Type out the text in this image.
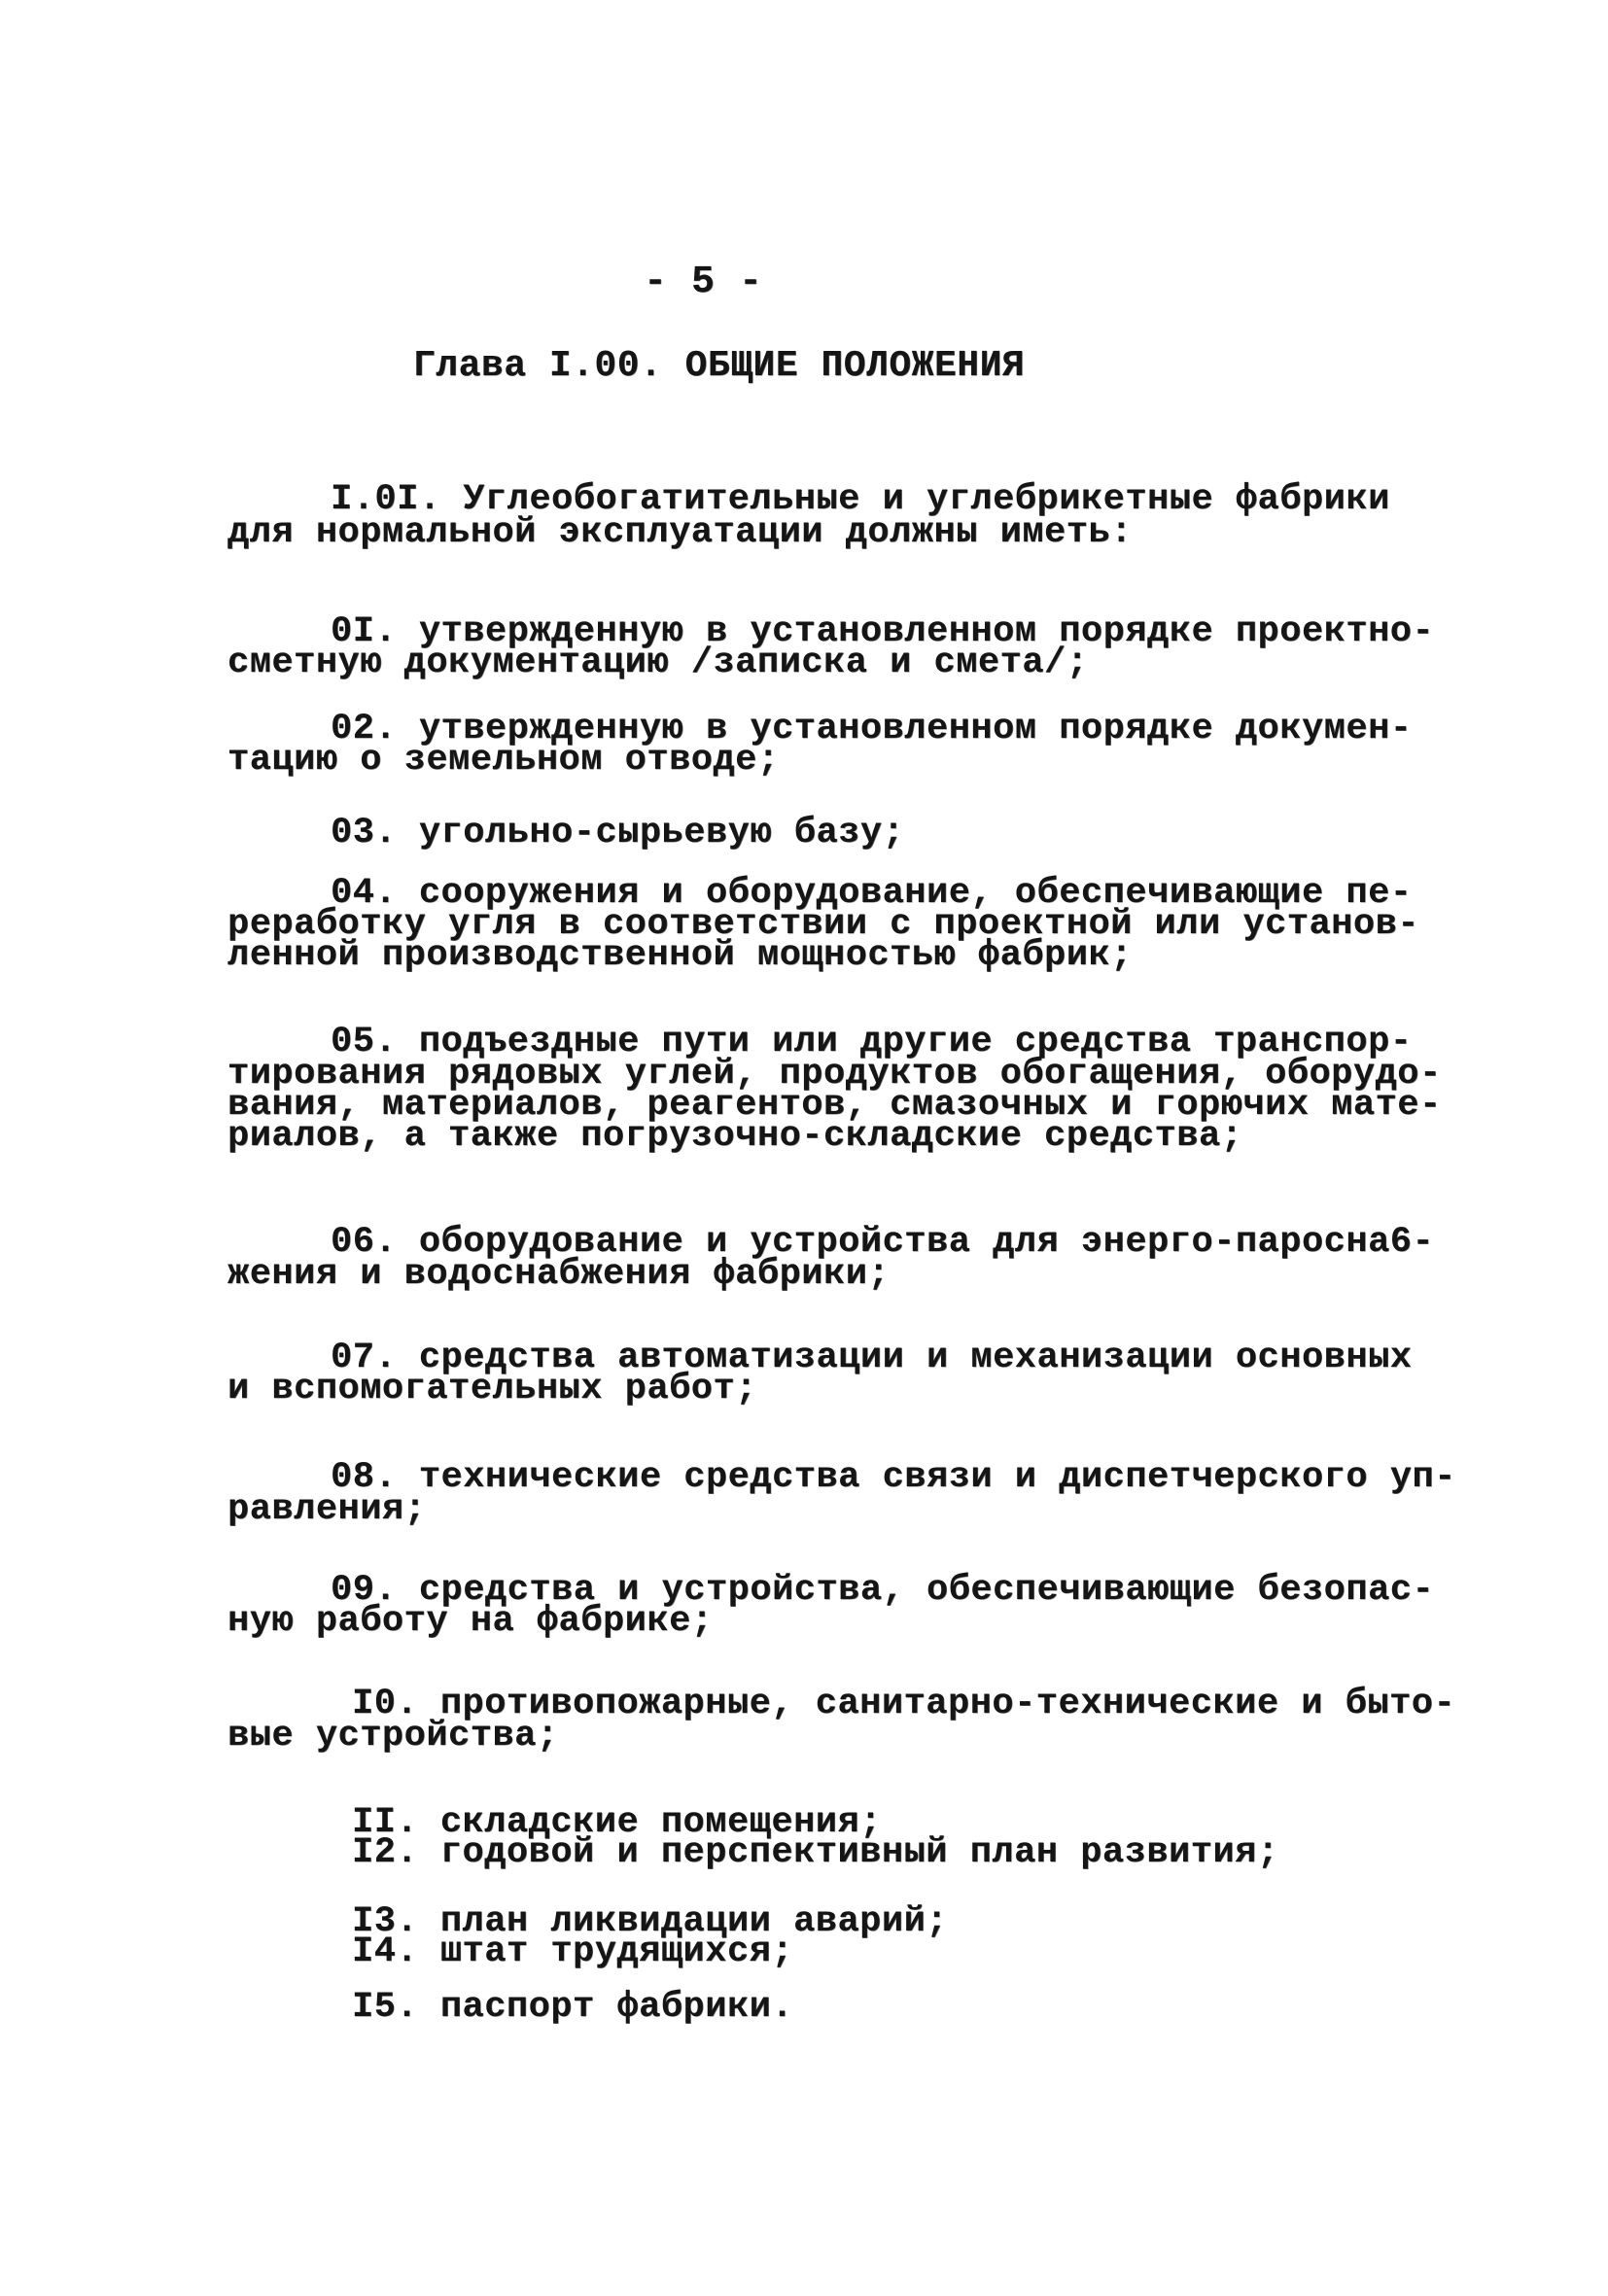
- 5 -
Глава I.00. ОБЩИЕ ПОЛОЖЕНИЯ
I.0I. Углеобогатительные и углебрикетные фабрики
для нормальной эксплуатации должны иметь:
0I. утвержденную в установленном порядке проектно-
сметную документацию /записка и смета/;
02. утвержденную в установленном порядке докумен-
тацию о земельном отводе;
03. угольно-сырьевую базу;
04. сооружения и оборудование, обеспечивающие пе-
реработку угля в соответствии с проектной или установ-
ленной производственной мощностью фабрик;
05. подъездные пути или другие средства транспор-
тирования рядовых углей, продуктов обогащения, оборудо-
вания, материалов, реагентов, смазочных и горючих мате-
риалов, а также погрузочно-складские средства;
06. оборудование и устройства для энерго-паросна6-
жения и водоснабжения фабрики;
07. средства автоматизации и механизации основных
и вспомогательных работ;
08. технические средства связи и диспетчерского уп-
равления;
09. средства и устройства, обеспечивающие безопас-
ную работу на фабрике;
I0. противопожарные, санитарно-технические и быто-
вые устройства;
II. складские помещения;
I2. годовой и перспективный план развития;
I3. план ликвидации аварий;
I4. штат трудящихся;
I5. паспорт фабрики.
